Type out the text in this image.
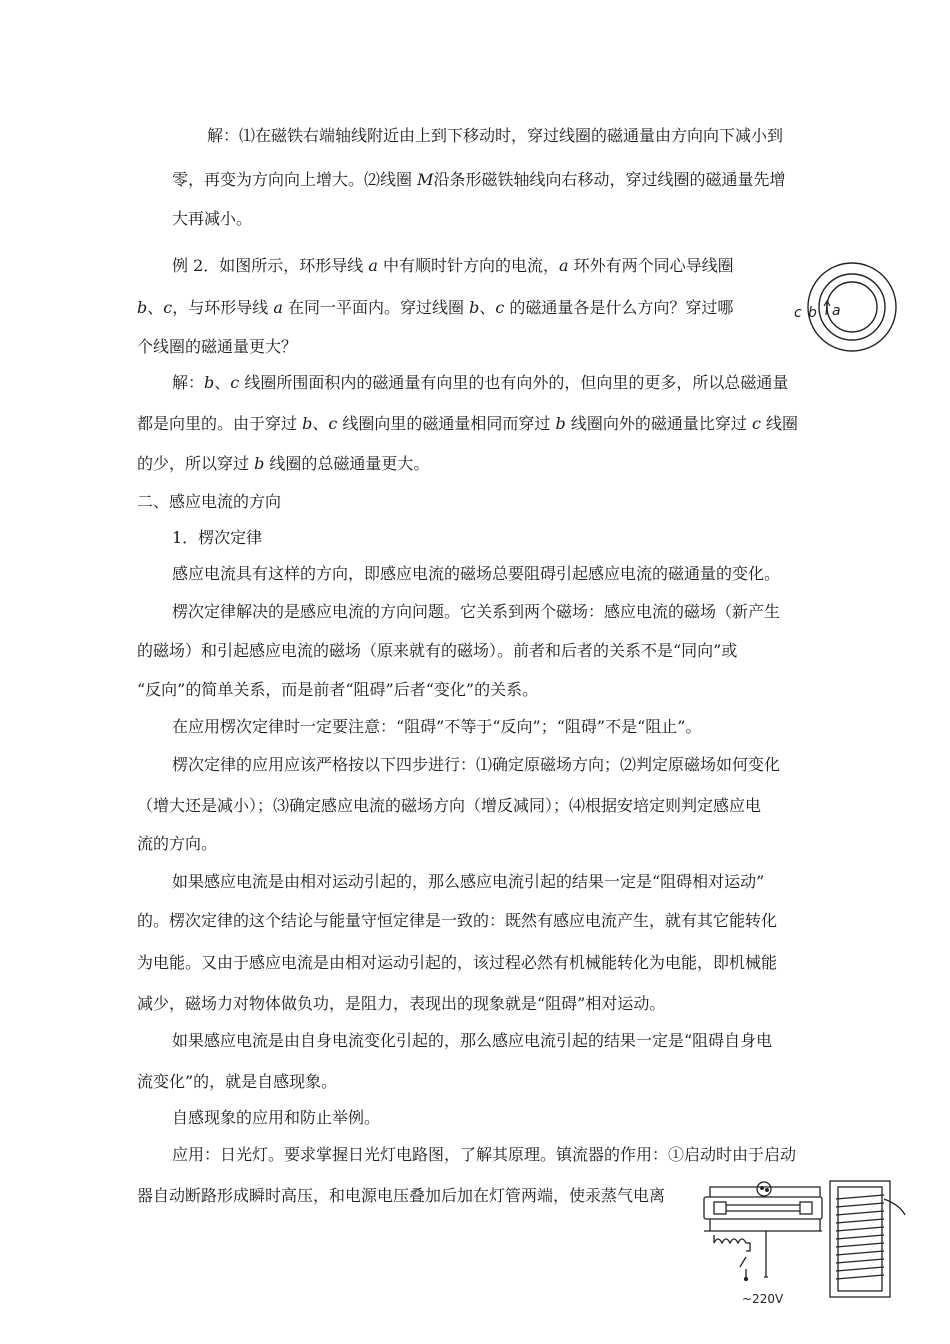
解：⑴在磁铁右端轴线附近由上到下移动时，穿过线圈的磁通量由方向向下减小到
零，再变为方向向上增大。⑵线圈 M沿条形磁铁轴线向右移动，穿过线圈的磁通量先增
大再减小。
例 2．如图所示，环形导线 a 中有顺时针方向的电流，a 环外有两个同心导线圈
b、c，与环形导线 a 在同一平面内。穿过线圈 b、c 的磁通量各是什么方向？穿过哪
个线圈的磁通量更大？
解：b、c 线圈所围面积内的磁通量有向里的也有向外的，但向里的更多，所以总磁通量
都是向里的。由于穿过 b、c 线圈向里的磁通量相同而穿过 b 线圈向外的磁通量比穿过 c 线圈
的少，所以穿过 b 线圈的总磁通量更大。
二、感应电流的方向
1．楞次定律
感应电流具有这样的方向，即感应电流的磁场总要阻碍引起感应电流的磁通量的变化。
楞次定律解决的是感应电流的方向问题。它关系到两个磁场：感应电流的磁场（新产生
的磁场）和引起感应电流的磁场（原来就有的磁场）。前者和后者的关系不是“同向”或
“反向”的简单关系，而是前者“阻碍”后者“变化”的关系。
在应用楞次定律时一定要注意：“阻碍”不等于“反向”；“阻碍”不是“阻止”。
楞次定律的应用应该严格按以下四步进行：⑴确定原磁场方向；⑵判定原磁场如何变化
（增大还是减小）；⑶确定感应电流的磁场方向（增反减同）；⑷根据安培定则判定感应电
流的方向。
如果感应电流是由相对运动引起的，那么感应电流引起的结果一定是“阻碍相对运动”
的。楞次定律的这个结论与能量守恒定律是一致的：既然有感应电流产生，就有其它能转化
为电能。又由于感应电流是由相对运动引起的，该过程必然有机械能转化为电能，即机械能
减少，磁场力对物体做负功，是阻力，表现出的现象就是“阻碍”相对运动。
如果感应电流是由自身电流变化引起的，那么感应电流引起的结果一定是“阻碍自身电
流变化”的，就是自感现象。
自感现象的应用和防止举例。
应用：日光灯。要求掌握日光灯电路图，了解其原理。镇流器的作用：①启动时由于启动
器自动断路形成瞬时高压，和电源电压叠加后加在灯管两端，使汞蒸气电离
c b a
~220V
